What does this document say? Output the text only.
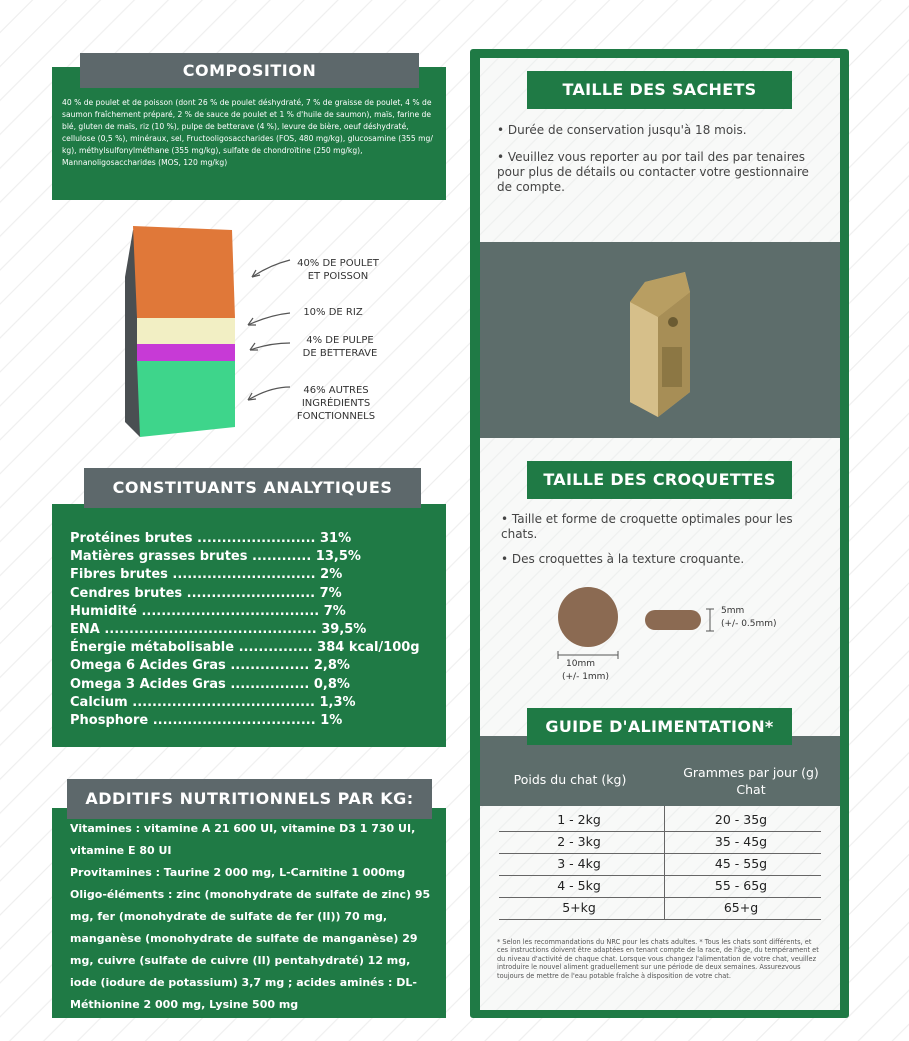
40 % de poulet et de poisson (dont 26 % de poulet déshydraté, 7 % de graisse de poulet, 4 % de saumon fraîchement préparé, 2 % de sauce de poulet et 1 % d'huile de saumon), maïs, farine de blé, gluten de maïs, riz (10 %), pulpe de betterave (4 %), levure de bière, oeuf déshydraté, cellulose (0,5 %), minéraux, sel, Fructooligosaccharides (FOS, 480 mg/kg), glucosamine (355 mg/ kg), méthylsulfonylméthane (355 mg/kg), sulfate de chondroïtine (250 mg/kg), Mannanoligosaccharides (MOS, 120 mg/kg)
COMPOSITION
40% DE POULET
ET POISSON
10% DE RIZ
4% DE PULPE
DE BETTERAVE
46% AUTRES
INGRÉDIENTS
FONCTIONNELS
Protéines brutes ........................ 31%
Matières grasses brutes ............ 13,5%
Fibres brutes ............................. 2%
Cendres brutes .......................... 7%
Humidité .................................... 7%
ENA ........................................... 39,5%
Énergie métabolisable ............... 384 kcal/100g
Omega 6 Acides Gras ................ 2,8%
Omega 3 Acides Gras ................ 0,8%
Calcium ..................................... 1,3%
Phosphore ................................. 1%
CONSTITUANTS ANALYTIQUES
Vitamines : vitamine A 21 600 UI, vitamine D3 1 730 UI, vitamine E 80 UI
Provitamines : Taurine 2 000 mg, L-Carnitine 1 000mg
Oligo-éléments : zinc (monohydrate de sulfate de zinc) 95 mg, fer (monohydrate de sulfate de fer (II)) 70 mg, manganèse (monohydrate de sulfate de manganèse) 29 mg, cuivre (sulfate de cuivre (II) pentahydraté) 12 mg, iode (iodure de potassium) 3,7 mg ; acides aminés : DL-Méthionine 2 000 mg, Lysine 500 mg
ADDITIFS NUTRITIONNELS PAR KG:
TAILLE DES SACHETS
• Durée de conservation jusqu'à 18 mois.
• Veuillez vous reporter au por tail des par tenaires pour plus de détails ou contacter votre gestionnaire de compte.
TAILLE DES CROQUETTES
• Taille et forme de croquette optimales pour les chats.
• Des croquettes à la texture croquante.
10mm
(+/- 1mm)
5mm
(+/- 0.5mm)
Poids du chat (kg)	Grammes par jour (g)
Chat
GUIDE D'ALIMENTATION*
1 - 2kg	20 - 35g
2 - 3kg	35 - 45g
3 - 4kg	45 - 55g
4 - 5kg	55 - 65g
5+kg	65+g
* Selon les recommandations du NRC pour les chats adultes. * Tous les chats sont différents, et ces instructions doivent être adaptées en tenant compte de la race, de l'âge, du tempérament et du niveau d'activité de chaque chat. Lorsque vous changez l'alimentation de votre chat, veuillez introduire le nouvel aliment graduellement sur une période de deux semaines. Assurezvous toujours de mettre de l'eau potable fraîche à disposition de votre chat.
